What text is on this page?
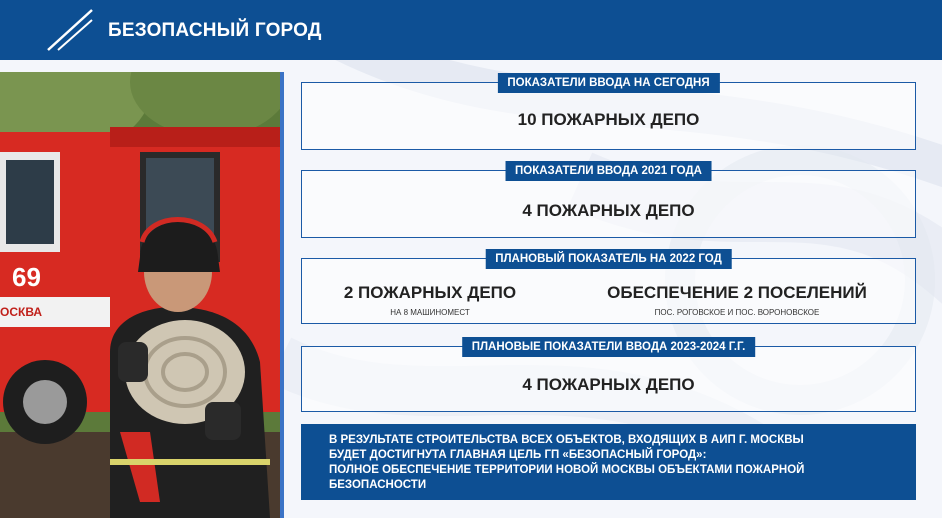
БЕЗОПАСНЫЙ ГОРОД
69
ОСКВА
ПОКАЗАТЕЛИ ВВОДА НА СЕГОДНЯ
10 ПОЖАРНЫХ ДЕПО
ПОКАЗАТЕЛИ ВВОДА 2021 ГОДА
4 ПОЖАРНЫХ ДЕПО
ПЛАНОВЫЙ ПОКАЗАТЕЛЬ НА 2022 ГОД
2 ПОЖАРНЫХ ДЕПО
НА 8 МАШИНОМЕСТ
ОБЕСПЕЧЕНИЕ 2 ПОСЕЛЕНИЙ
ПОС. РОГОВСКОЕ И ПОС. ВОРОНОВСКОЕ
ПЛАНОВЫЕ ПОКАЗАТЕЛИ ВВОДА 2023-2024 Г.Г.
4 ПОЖАРНЫХ ДЕПО

В РЕЗУЛЬТАТЕ СТРОИТЕЛЬСТВА ВСЕХ ОБЪЕКТОВ, ВХОДЯЩИХ В АИП Г. МОСКВЫ

БУДЕТ ДОСТИГНУТА ГЛАВНАЯ ЦЕЛЬ ГП «БЕЗОПАСНЫЙ ГОРОД»:

ПОЛНОЕ ОБЕСПЕЧЕНИЕ ТЕРРИТОРИИ НОВОЙ МОСКВЫ ОБЪЕКТАМИ ПОЖАРНОЙ

БЕЗОПАСНОСТИ
